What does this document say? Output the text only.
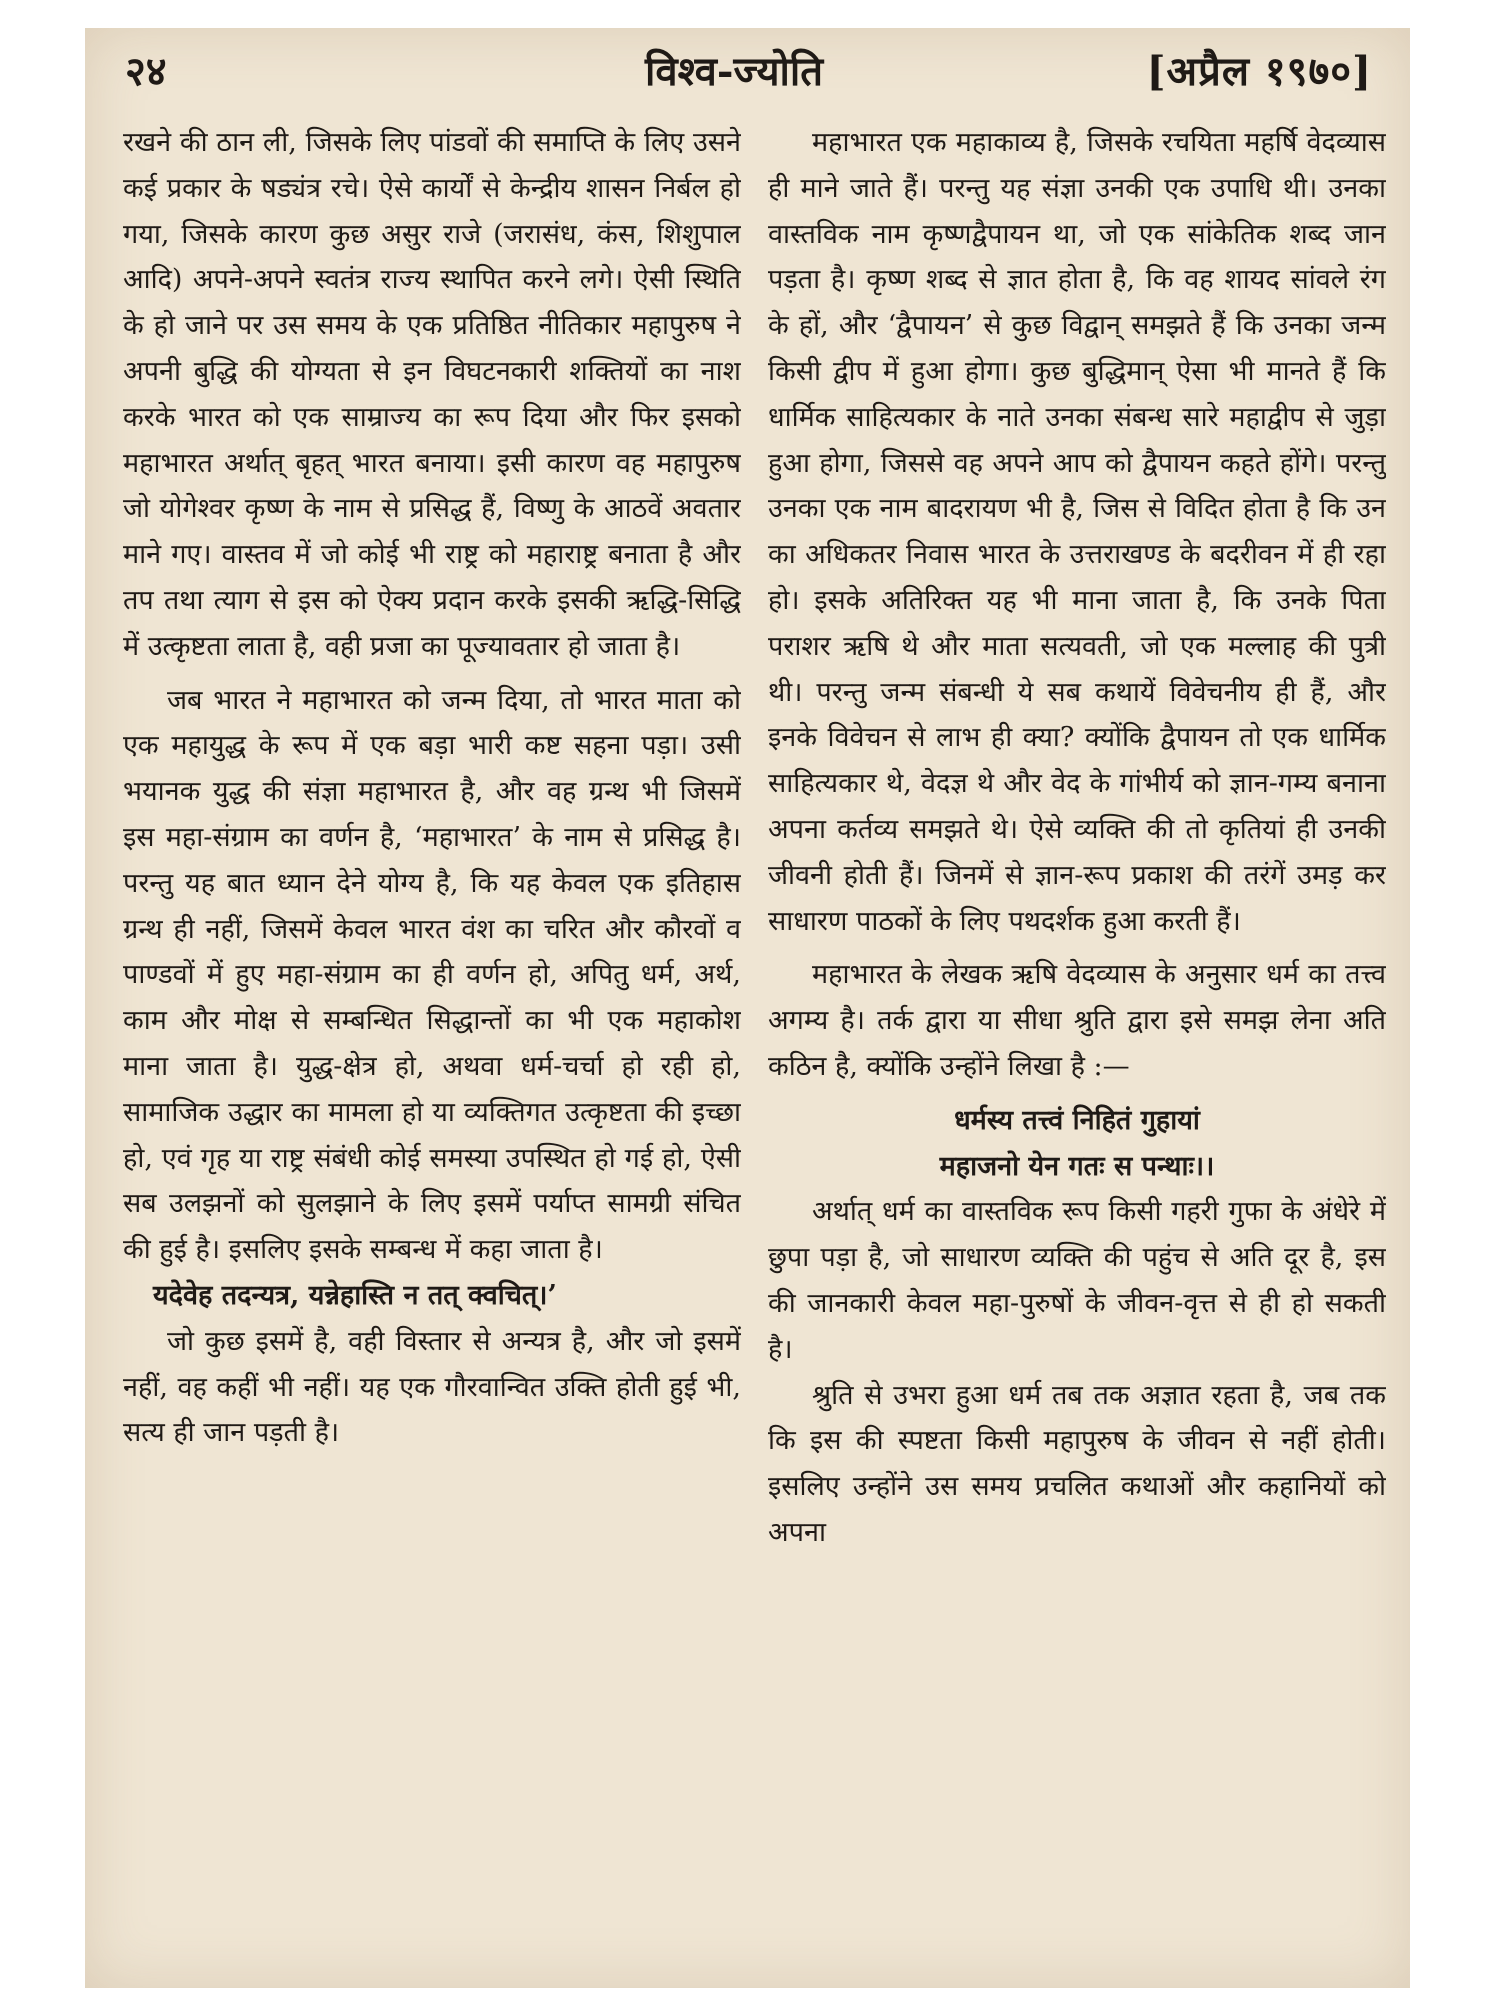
२४	विश्व-ज्योति	[अप्रैल १९७०]

रखने की ठान ली, जिसके लिए पांडवों की समाप्ति के लिए उसने कई प्रकार के षड्यंत्र रचे। ऐसे कार्यों से केन्द्रीय शासन निर्बल हो गया, जिसके कारण कुछ असुर राजे (जरासंध, कंस, शिशुपाल आदि) अपने-अपने स्वतंत्र राज्य स्थापित करने लगे। ऐसी स्थिति के हो जाने पर उस समय के एक प्रतिष्ठित नीतिकार महापुरुष ने अपनी बुद्धि की योग्यता से इन विघटनकारी शक्तियों का नाश करके भारत को एक साम्राज्य का रूप दिया और फिर इसको महाभारत अर्थात् बृहत् भारत बनाया। इसी कारण वह महापुरुष जो योगेश्वर कृष्ण के नाम से प्रसिद्ध हैं, विष्णु के आठवें अवतार माने गए। वास्तव में जो कोई भी राष्ट्र को महाराष्ट्र बनाता है और तप तथा त्याग से इस को ऐक्य प्रदान करके इसकी ऋद्धि-सिद्धि में उत्कृष्टता लाता है, वही प्रजा का पूज्यावतार हो जाता है।

जब भारत ने महाभारत को जन्म दिया, तो भारत माता को एक महायुद्ध के रूप में एक बड़ा भारी कष्ट सहना पड़ा। उसी भयानक युद्ध की संज्ञा महाभारत है, और वह ग्रन्थ भी जिसमें इस महा-संग्राम का वर्णन है, ‘महाभारत’ के नाम से प्रसिद्ध है। परन्तु यह बात ध्यान देने योग्य है, कि यह केवल एक इतिहास ग्रन्थ ही नहीं, जिसमें केवल भारत वंश का चरित और कौरवों व पाण्डवों में हुए महा-संग्राम का ही वर्णन हो, अपितु धर्म, अर्थ, काम और मोक्ष से सम्बन्धित सिद्धान्तों का भी एक महाकोश माना जाता है। युद्ध-क्षेत्र हो, अथवा धर्म-चर्चा हो रही हो, सामाजिक उद्धार का मामला हो या व्यक्तिगत उत्कृष्टता की इच्छा हो, एवं गृह या राष्ट्र संबंधी कोई समस्या उपस्थित हो गई हो, ऐसी सब उलझनों को सुलझाने के लिए इसमें पर्याप्त सामग्री संचित की हुई है। इसलिए इसके सम्बन्ध में कहा जाता है।

यदेवेह तदन्यत्र, यन्नेहास्ति न तत् क्वचित्।’

जो कुछ इसमें है, वही विस्तार से अन्यत्र है, और जो इसमें नहीं, वह कहीं भी नहीं। यह एक गौरवान्वित उक्ति होती हुई भी, सत्य ही जान पड़ती है।

महाभारत एक महाकाव्य है, जिसके रचयिता महर्षि वेदव्यास ही माने जाते हैं। परन्तु यह संज्ञा उनकी एक उपाधि थी। उनका वास्तविक नाम कृष्णद्वैपायन था, जो एक सांकेतिक शब्द जान पड़ता है। कृष्ण शब्द से ज्ञात होता है, कि वह शायद सांवले रंग के हों, और ‘द्वैपायन’ से कुछ विद्वान् समझते हैं कि उनका जन्म किसी द्वीप में हुआ होगा। कुछ बुद्धिमान् ऐसा भी मानते हैं कि धार्मिक साहित्यकार के नाते उनका संबन्ध सारे महाद्वीप से जुड़ा हुआ होगा, जिससे वह अपने आप को द्वैपायन कहते होंगे। परन्तु उनका एक नाम बादरायण भी है, जिस से विदित होता है कि उन का अधिकतर निवास भारत के उत्तराखण्ड के बदरीवन में ही रहा हो। इसके अतिरिक्त यह भी माना जाता है, कि उनके पिता पराशर ऋषि थे और माता सत्यवती, जो एक मल्लाह की पुत्री थी। परन्तु जन्म संबन्धी ये सब कथायें विवेचनीय ही हैं, और इनके विवेचन से लाभ ही क्या? क्योंकि द्वैपायन तो एक धार्मिक साहित्यकार थे, वेदज्ञ थे और वेद के गांभीर्य को ज्ञान-गम्य बनाना अपना कर्तव्य समझते थे। ऐसे व्यक्ति की तो कृतियां ही उनकी जीवनी होती हैं। जिनमें से ज्ञान-रूप प्रकाश की तरंगें उमड़ कर साधारण पाठकों के लिए पथदर्शक हुआ करती हैं।

महाभारत के लेखक ऋषि वेदव्यास के अनुसार धर्म का तत्त्व अगम्य है। तर्क द्वारा या सीधा श्रुति द्वारा इसे समझ लेना अति कठिन है, क्योंकि उन्होंने लिखा है :—

धर्मस्य तत्त्वं निहितं गुहायां

महाजनो येन गतः स पन्थाः।।

अर्थात् धर्म का वास्तविक रूप किसी गहरी गुफा के अंधेरे में छुपा पड़ा है, जो साधारण व्यक्ति की पहुंच से अति दूर है, इस की जानकारी केवल महा-पुरुषों के जीवन-वृत्त से ही हो सकती है।

श्रुति से उभरा हुआ धर्म तब तक अज्ञात रहता है, जब तक कि इस की स्पष्टता किसी महापुरुष के जीवन से नहीं होती। इसलिए उन्होंने उस समय प्रचलित कथाओं और कहानियों को अपना
